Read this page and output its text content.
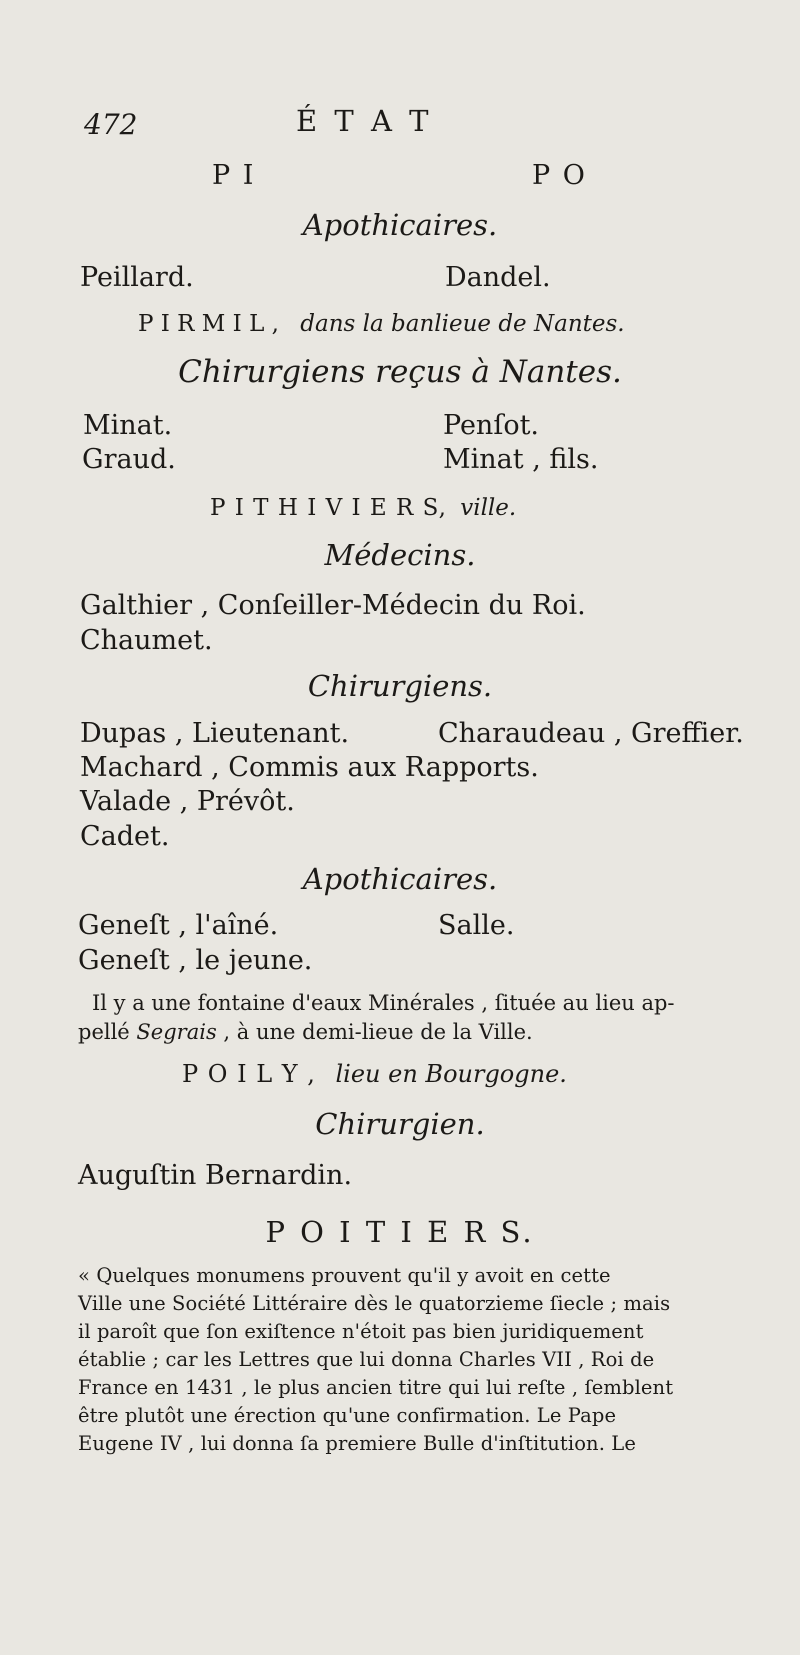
472	É T A T
P I	P O
Apothicaires.
Peillard.	Dandel.
P I R M I L , dans la banlieue de Nantes.
Chirurgiens reçus à Nantes.
Minat.	Penſot.
Graud.	Minat , fils.
P I T H I V I E R S, ville.
Médecins.
Galthier , Conſeiller-Médecin du Roi.
Chaumet.
Chirurgiens.
Dupas , Lieutenant.	Charaudeau , Greffier.
Machard , Commis aux Rapports.
Valade , Prévôt.
Cadet.
Apothicaires.
Geneſt , l'aîné.	Salle.
Geneſt , le jeune.
Il y a une fontaine d'eaux Minérales , ſituée au lieu ap-
pellé Segrais , à une demi-lieue de la Ville.
P O I L Y , lieu en Bourgogne.
Chirurgien.
Auguſtin Bernardin.
P O I T I E R S.
« Quelques monumens prouvent qu'il y avoit en cette
Ville une Société Littéraire dès le quatorzieme ſiecle ; mais
il paroît que ſon exiſtence n'étoit pas bien juridiquement
établie ; car les Lettres que lui donna Charles VII , Roi de
France en 1431 , le plus ancien titre qui lui reſte , ſemblent
être plutôt une érection qu'une confirmation. Le Pape
Eugene IV , lui donna ſa premiere Bulle d'inſtitution. Le
